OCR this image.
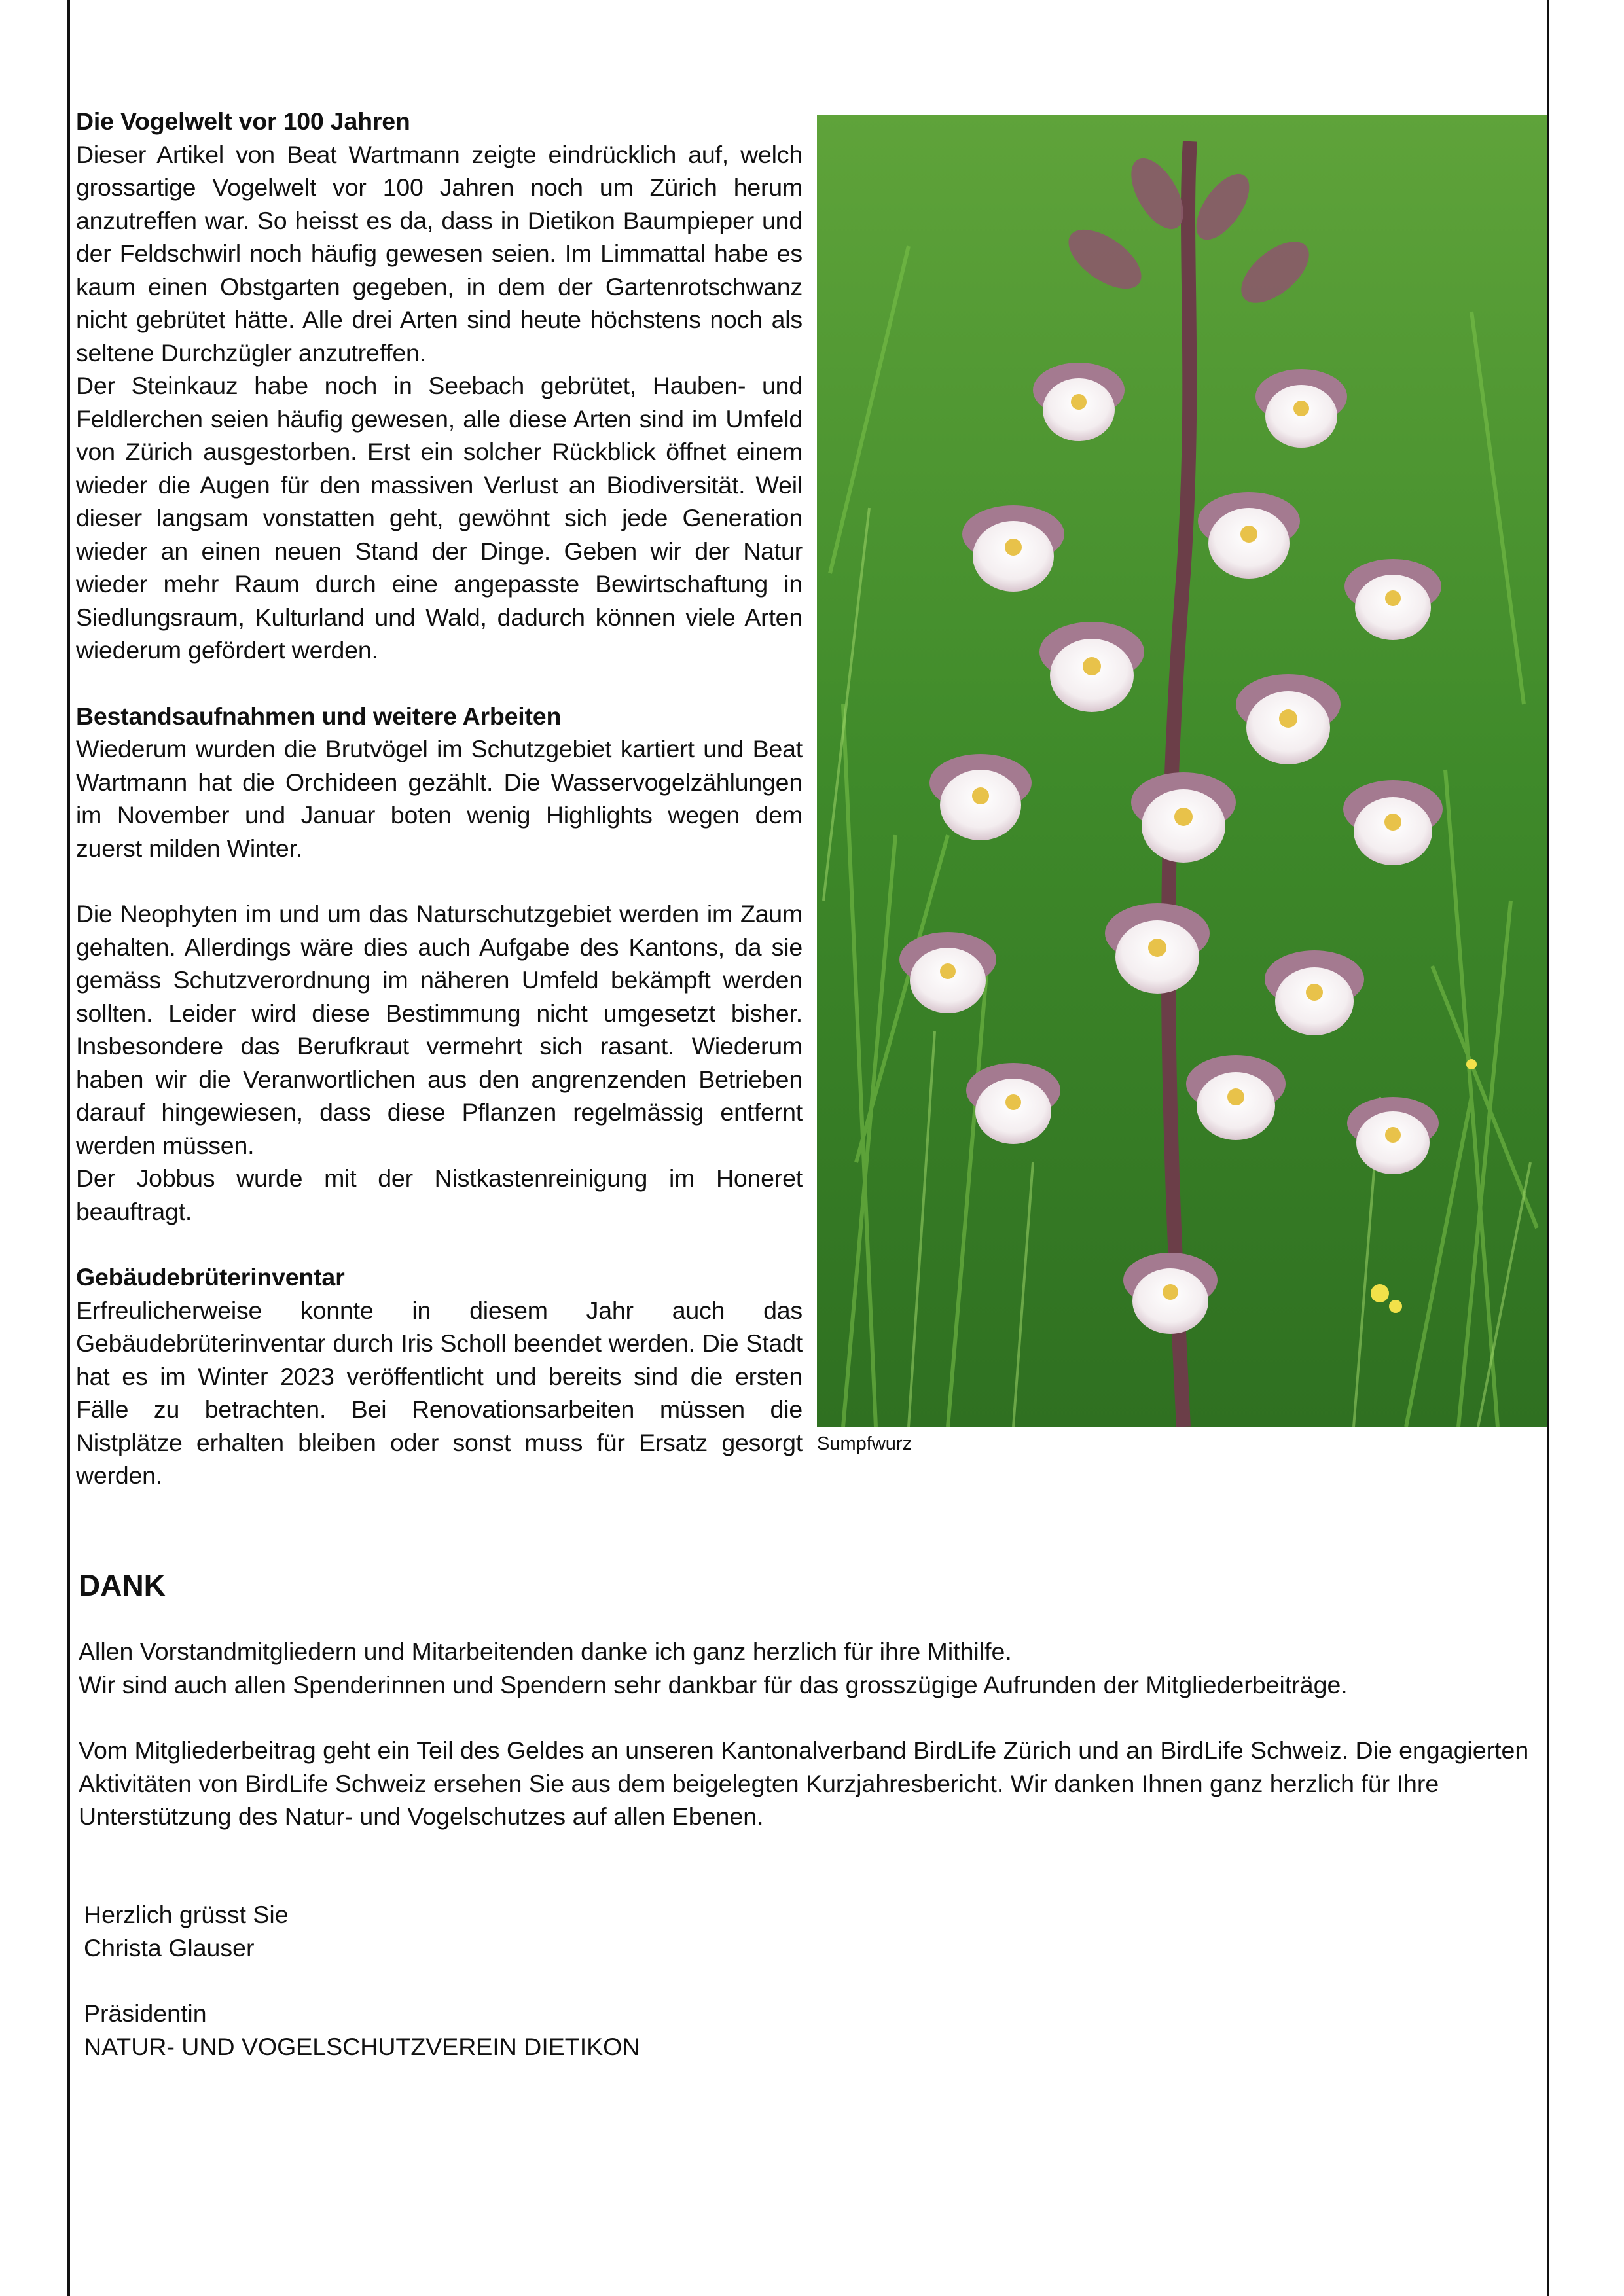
Die Vogelwelt vor 100 Jahren

Dieser Artikel von Beat Wartmann zeigte eindrücklich auf, welch grossartige Vogelwelt vor 100 Jahren noch um Zürich herum anzutreffen war. So heisst es da, dass in Dietikon Baumpieper und der Feldschwirl noch häufig gewesen seien. Im Limmattal habe es kaum einen Obstgarten gegeben, in dem der Gartenrotschwanz nicht gebrütet hätte. Alle drei Arten sind heute höchstens noch als seltene Durchzügler anzutreffen.

Der Steinkauz habe noch in Seebach gebrütet, Hauben- und Feldlerchen seien häufig gewesen, alle diese Arten sind im Umfeld von Zürich ausgestorben. Erst ein solcher Rückblick öffnet einem wieder die Augen für den massiven Verlust an Biodiversität. Weil dieser langsam vonstatten geht, gewöhnt sich jede Generation wieder an einen neuen Stand der Dinge. Geben wir der Natur wieder mehr Raum durch eine angepasste Bewirtschaftung in Siedlungsraum, Kulturland und Wald, dadurch können viele Arten wiederum gefördert werden.

Bestandsaufnahmen und weitere Arbeiten

Wiederum wurden die Brutvögel im Schutzgebiet kartiert und Beat Wartmann hat die Orchideen gezählt. Die Wasservogelzählungen im November und Januar boten wenig Highlights wegen dem zuerst milden Winter.

Die Neophyten im und um das Naturschutzgebiet werden im Zaum gehalten. Allerdings wäre dies auch Aufgabe des Kantons, da sie gemäss Schutzverordnung im näheren Umfeld bekämpft werden sollten. Leider wird diese Bestimmung nicht umgesetzt bisher. Insbesondere das Berufkraut vermehrt sich rasant. Wiederum haben wir die Veranwortlichen aus den angrenzenden Betrieben darauf hingewiesen, dass diese Pflanzen regelmässig entfernt werden müssen.

Der Jobbus wurde mit der Nistkastenreinigung im Honeret beauftragt.

Gebäudebrüterinventar

Erfreulicherweise konnte in diesem Jahr auch das Gebäudebrüterinventar durch Iris Scholl beendet werden. Die Stadt hat es im Winter 2023 veröffentlicht und bereits sind die ersten Fälle zu betrachten. Bei Renovationsarbeiten müssen die Nistplätze erhalten bleiben oder sonst muss für Ersatz gesorgt werden.

Sumpfwurz
DANK

Allen Vorstandmitgliedern und Mitarbeitenden danke ich ganz herzlich für ihre Mithilfe.

Wir sind auch allen Spenderinnen und Spendern sehr dankbar für das grosszügige Aufrunden der Mitgliederbeiträge.

Vom Mitgliederbeitrag geht ein Teil des Geldes an unseren Kantonalverband BirdLife Zürich und an BirdLife Schweiz. Die engagierten Aktivitäten von BirdLife Schweiz ersehen Sie aus dem beigelegten Kurzjahresbericht. Wir danken Ihnen ganz herzlich für Ihre Unterstützung des Natur- und Vogelschutzes auf allen Ebenen.

Herzlich grüsst Sie

Christa Glauser

Präsidentin

NATUR- UND VOGELSCHUTZVEREIN DIETIKON
